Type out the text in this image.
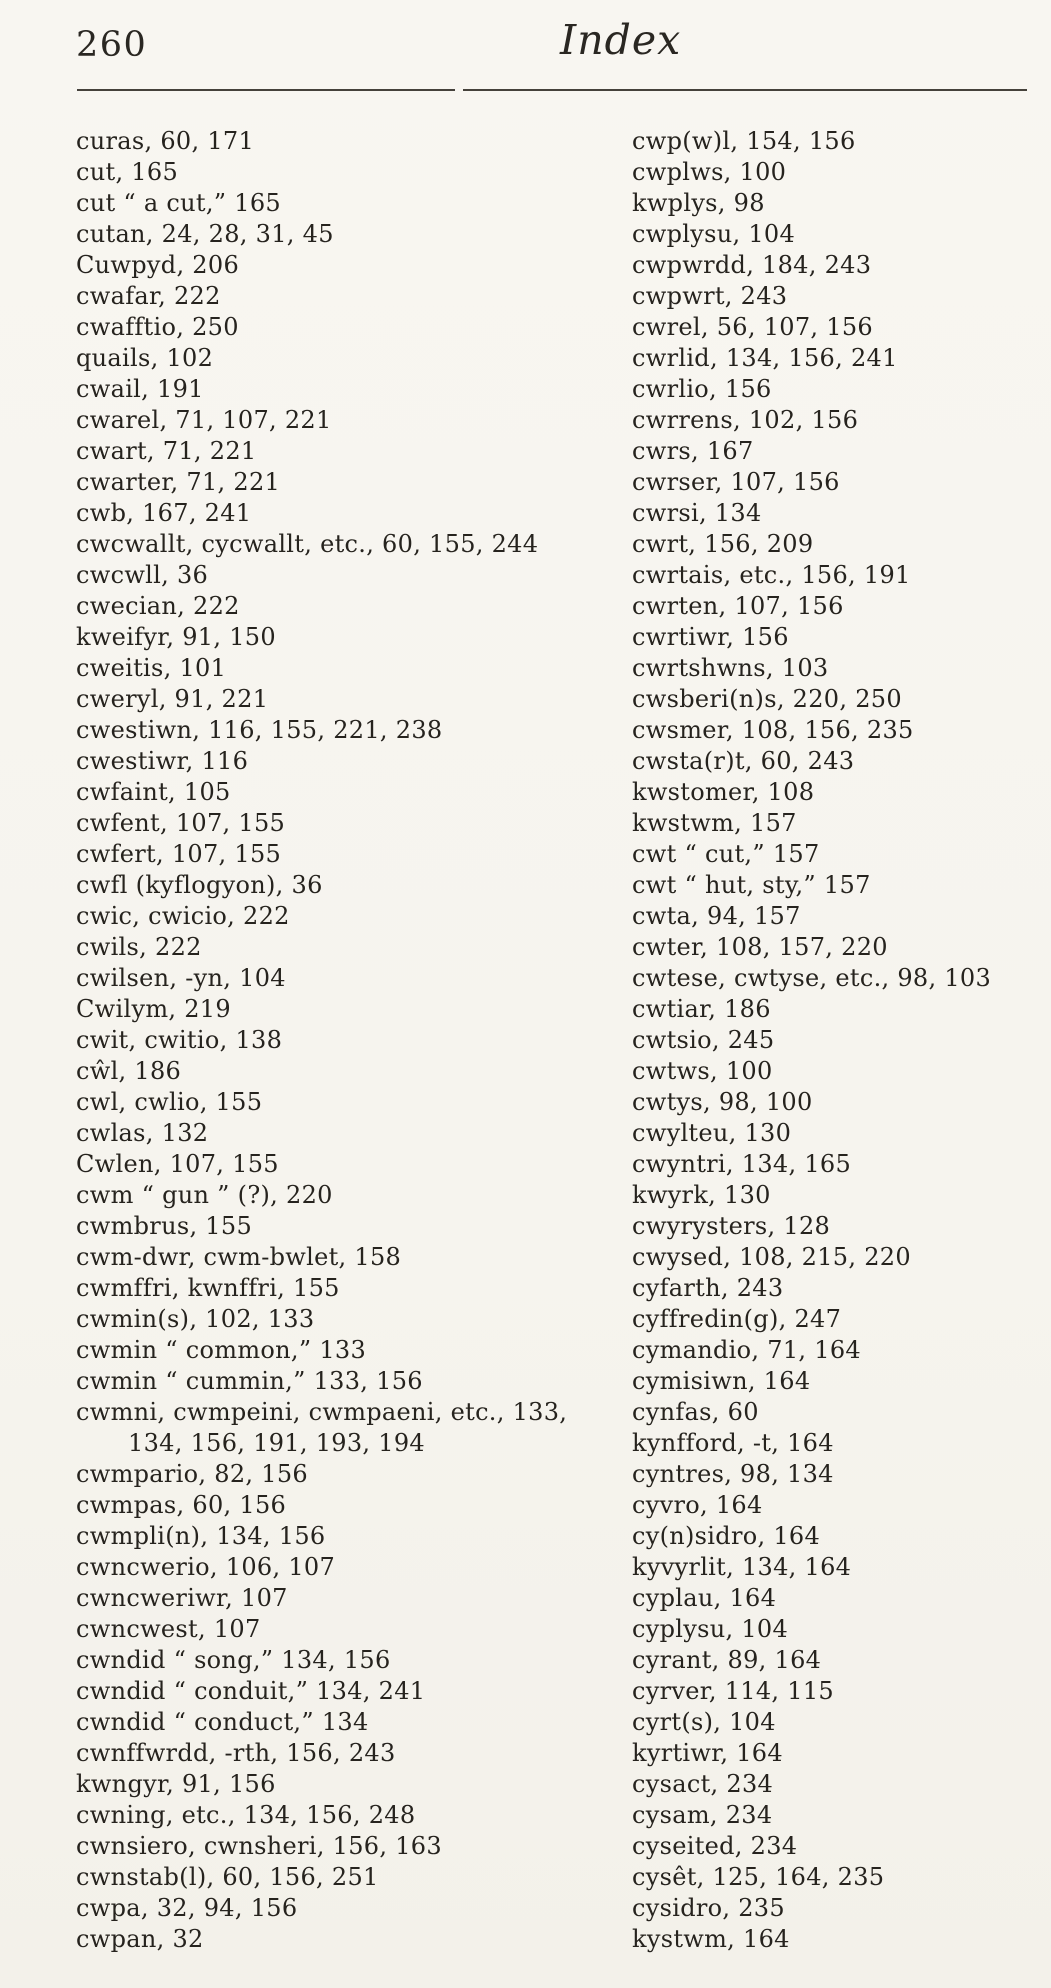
260	Index
curas, 60, 171
cut, 165
cut “ a cut,” 165
cutan, 24, 28, 31, 45
Cuwpyd, 206
cwafar, 222
cwafftio, 250
quails, 102
cwail, 191
cwarel, 71, 107, 221
cwart, 71, 221
cwarter, 71, 221
cwb, 167, 241
cwcwallt, cycwallt, etc., 60, 155, 244
cwcwll, 36
cwecian, 222
kweifyr, 91, 150
cweitis, 101
cweryl, 91, 221
cwestiwn, 116, 155, 221, 238
cwestiwr, 116
cwfaint, 105
cwfent, 107, 155
cwfert, 107, 155
cwfl (kyflogyon), 36
cwic, cwicio, 222
cwils, 222
cwilsen, -yn, 104
Cwilym, 219
cwit, cwitio, 138
cŵl, 186
cwl, cwlio, 155
cwlas, 132
Cwlen, 107, 155
cwm “ gun ” (?), 220
cwmbrus, 155
cwm-dwr, cwm-bwlet, 158
cwmffri, kwnffri, 155
cwmin(s), 102, 133
cwmin “ common,” 133
cwmin “ cummin,” 133, 156
cwmni, cwmpeini, cwmpaeni, etc., 133,
134, 156, 191, 193, 194
cwmpario, 82, 156
cwmpas, 60, 156
cwmpli(n), 134, 156
cwncwerio, 106, 107
cwncweriwr, 107
cwncwest, 107
cwndid “ song,” 134, 156
cwndid “ conduit,” 134, 241
cwndid “ conduct,” 134
cwnffwrdd, -rth, 156, 243
kwngyr, 91, 156
cwning, etc., 134, 156, 248
cwnsiero, cwnsheri, 156, 163
cwnstab(l), 60, 156, 251
cwpa, 32, 94, 156
cwpan, 32
cwp(w)l, 154, 156
cwplws, 100
kwplys, 98
cwplysu, 104
cwpwrdd, 184, 243
cwpwrt, 243
cwrel, 56, 107, 156
cwrlid, 134, 156, 241
cwrlio, 156
cwrrens, 102, 156
cwrs, 167
cwrser, 107, 156
cwrsi, 134
cwrt, 156, 209
cwrtais, etc., 156, 191
cwrten, 107, 156
cwrtiwr, 156
cwrtshwns, 103
cwsberi(n)s, 220, 250
cwsmer, 108, 156, 235
cwsta(r)t, 60, 243
kwstomer, 108
kwstwm, 157
cwt “ cut,” 157
cwt “ hut, sty,” 157
cwta, 94, 157
cwter, 108, 157, 220
cwtese, cwtyse, etc., 98, 103
cwtiar, 186
cwtsio, 245
cwtws, 100
cwtys, 98, 100
cwylteu, 130
cwyntri, 134, 165
kwyrk, 130
cwyrysters, 128
cwysed, 108, 215, 220
cyfarth, 243
cyffredin(g), 247
cymandio, 71, 164
cymisiwn, 164
cynfas, 60
kynfford, -t, 164
cyntres, 98, 134
cyvro, 164
cy(n)sidro, 164
kyvyrlit, 134, 164
cyplau, 164
cyplysu, 104
cyrant, 89, 164
cyrver, 114, 115
cyrt(s), 104
kyrtiwr, 164
cysact, 234
cysam, 234
cyseited, 234
cysêt, 125, 164, 235
cysidro, 235
kystwm, 164
